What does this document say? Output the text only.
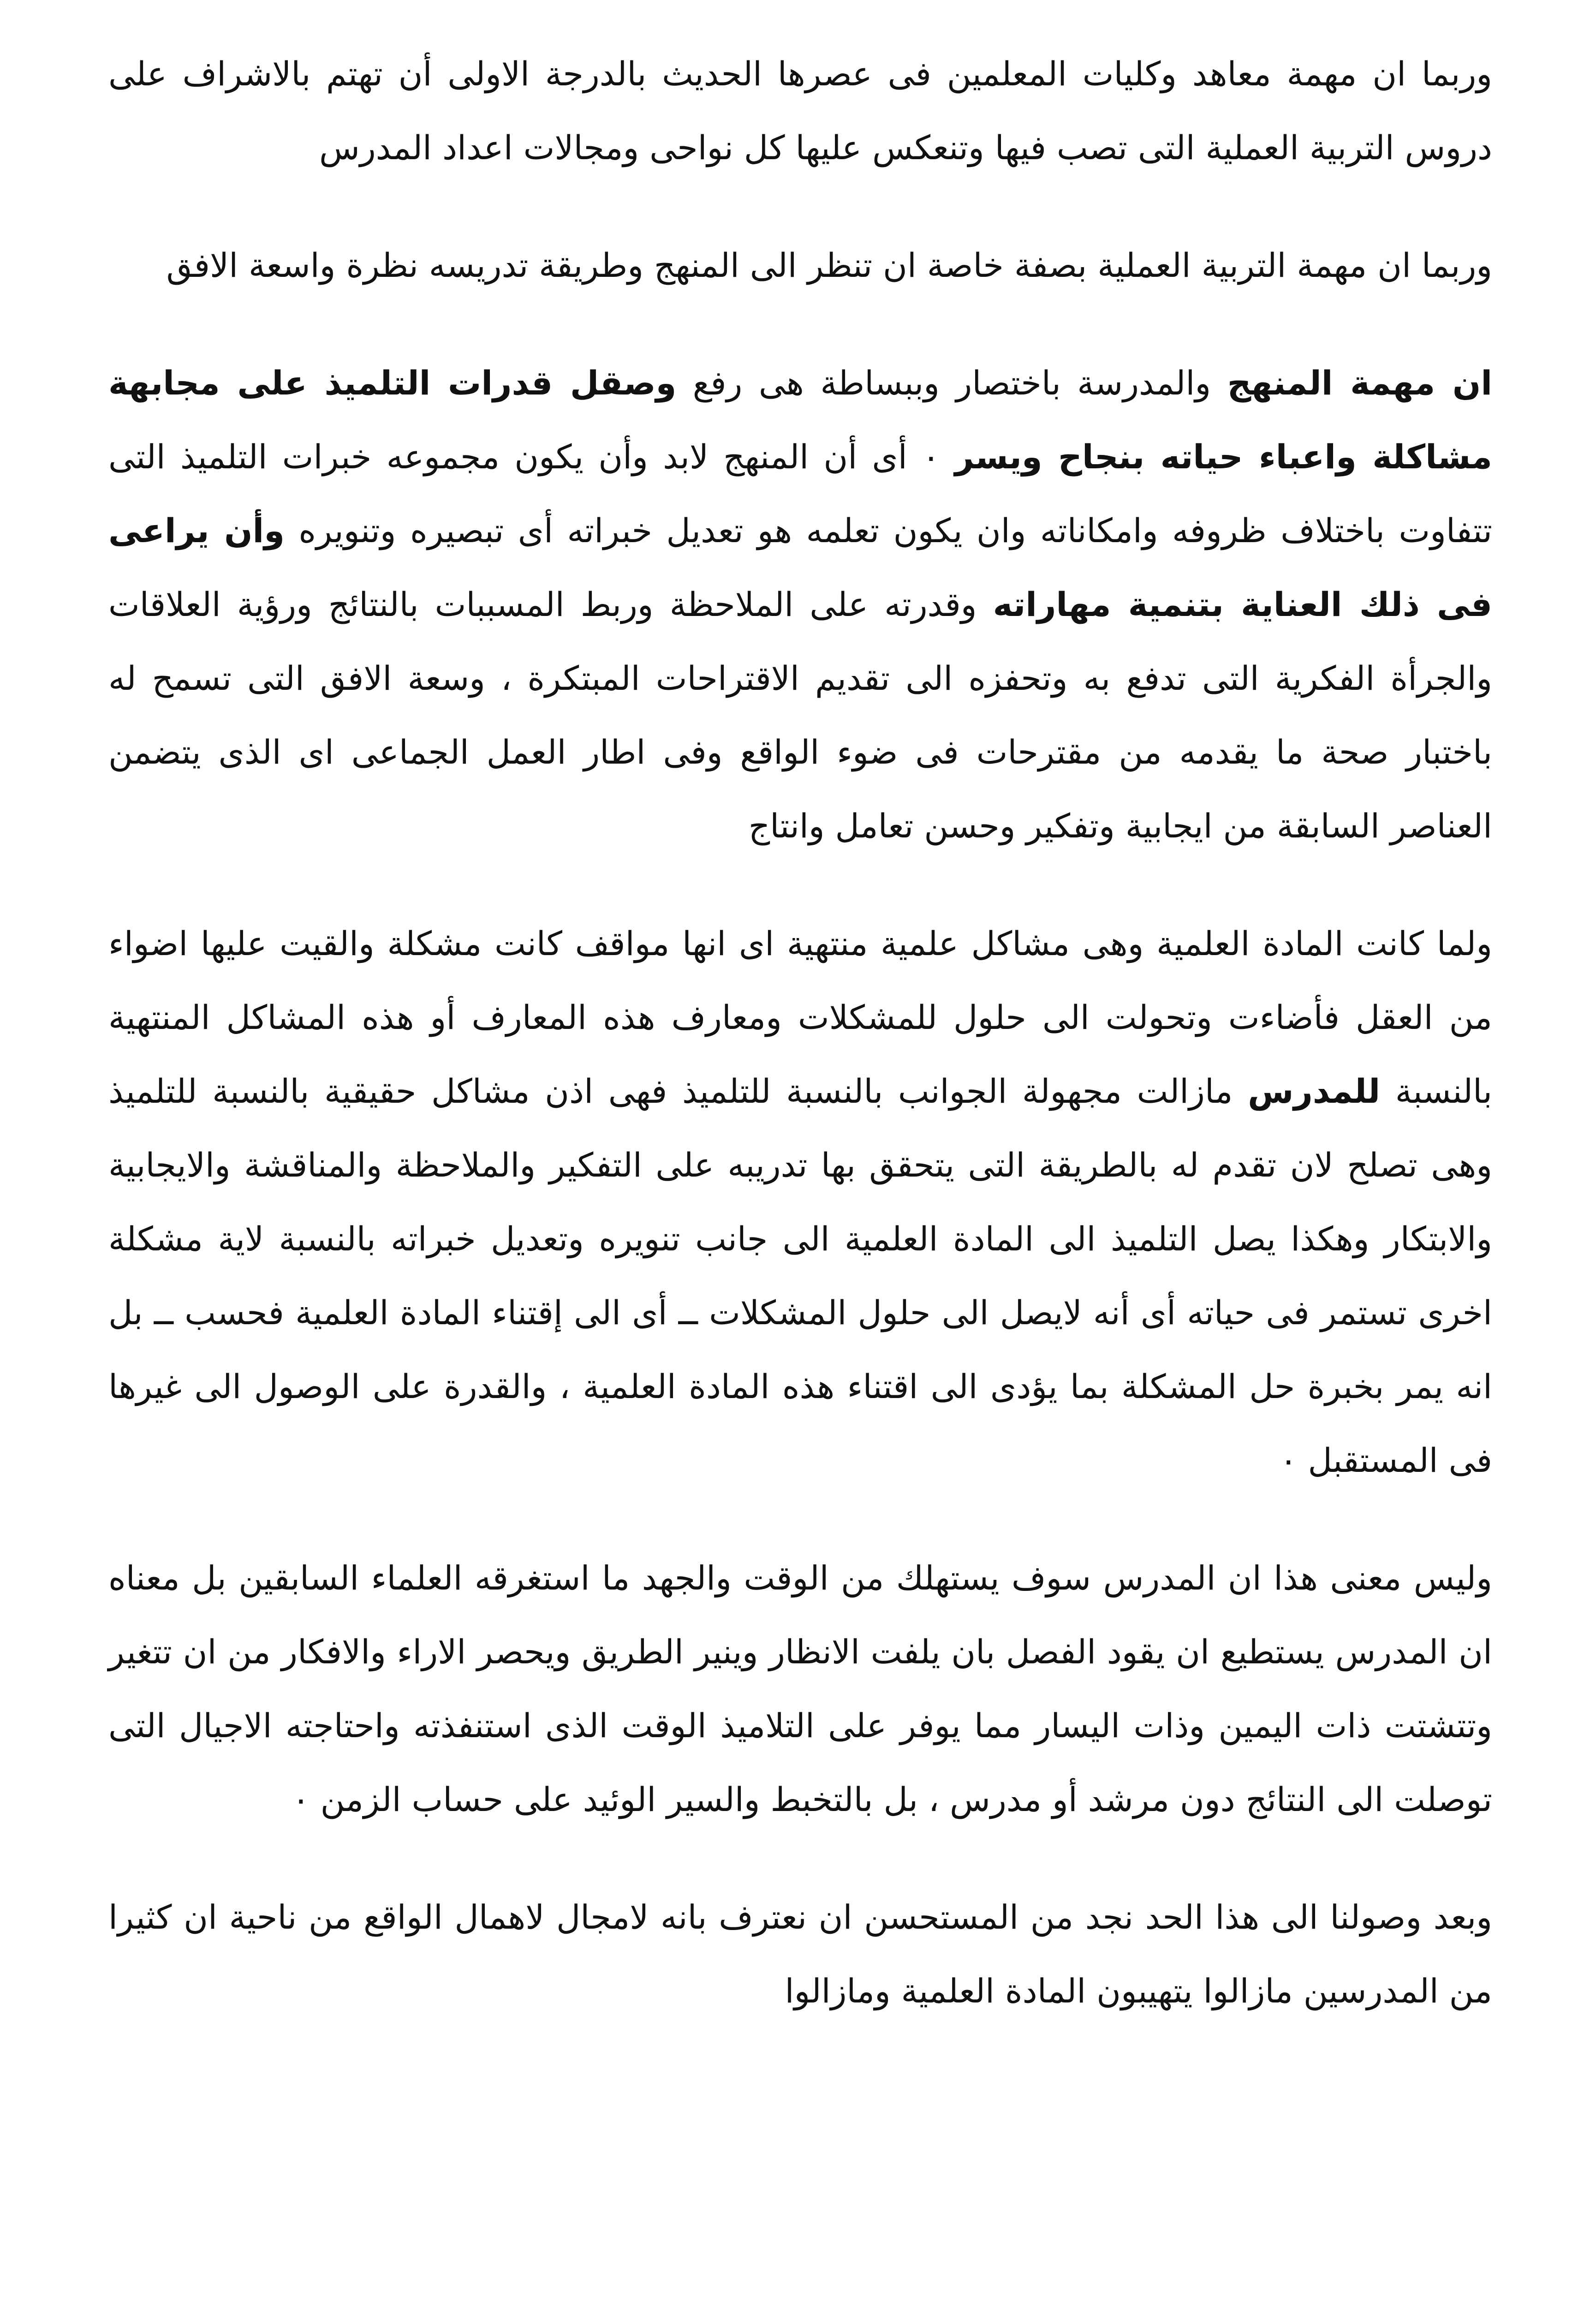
وربما ان مهمة معاهد وكليات المعلمين فى عصرها الحديث بالدرجة الاولى أن تهتم بالاشراف على دروس التربية العملية التى تصب فيها وتنعكس عليها كل نواحى ومجالات اعداد المدرس

وربما ان مهمة التربية العملية بصفة خاصة ان تنظر الى المنهج وطريقة تدريسه نظرة واسعة الافق

ان مهمة المنهج والمدرسة باختصار وببساطة هى رفع وصقل قدرات التلميذ على مجابهة مشاكلة واعباء حياته بنجاح ويسر ٠ أى أن المنهج لابد وأن يكون مجموعه خبرات التلميذ التى تتفاوت باختلاف ظروفه وامكاناته وان يكون تعلمه هو تعديل خبراته أى تبصيره وتنويره وأن يراعى فى ذلك العناية بتنمية مهاراته وقدرته على الملاحظة وربط المسببات بالنتائج ورؤية العلاقات والجرأة الفكرية التى تدفع به وتحفزه الى تقديم الاقتراحات المبتكرة ، وسعة الافق التى تسمح له باختبار صحة ما يقدمه من مقترحات فى ضوء الواقع وفى اطار العمل الجماعى اى الذى يتضمن العناصر السابقة من ايجابية وتفكير وحسن تعامل وانتاج

ولما كانت المادة العلمية وهى مشاكل علمية منتهية اى انها مواقف كانت مشكلة والقيت عليها اضواء من العقل فأضاءت وتحولت الى حلول للمشكلات ومعارف هذه المعارف أو هذه المشاكل المنتهية بالنسبة للمدرس مازالت مجهولة الجوانب بالنسبة للتلميذ فهى اذن مشاكل حقيقية بالنسبة للتلميذ وهى تصلح لان تقدم له بالطريقة التى يتحقق بها تدريبه على التفكير والملاحظة والمناقشة والايجابية والابتكار وهكذا يصل التلميذ الى المادة العلمية الى جانب تنويره وتعديل خبراته بالنسبة لاية مشكلة اخرى تستمر فى حياته أى أنه لايصل الى حلول المشكلات ــ أى الى إقتناء المادة العلمية فحسب ــ بل انه يمر بخبرة حل المشكلة بما يؤدى الى اقتناء هذه المادة العلمية ، والقدرة على الوصول الى غيرها فى المستقبل ٠

وليس معنى هذا ان المدرس سوف يستهلك من الوقت والجهد ما استغرقه العلماء السابقين بل معناه ان المدرس يستطيع ان يقود الفصل بان يلفت الانظار وينير الطريق ويحصر الاراء والافكار من ان تتغير وتتشتت ذات اليمين وذات اليسار مما يوفر على التلاميذ الوقت الذى استنفذته واحتاجته الاجيال التى توصلت الى النتائج دون مرشد أو مدرس ، بل بالتخبط والسير الوئيد على حساب الزمن ٠

وبعد وصولنا الى هذا الحد نجد من المستحسن ان نعترف بانه لامجال لاهمال الواقع من ناحية ان كثيرا من المدرسين مازالوا يتهيبون المادة العلمية ومازالوا
